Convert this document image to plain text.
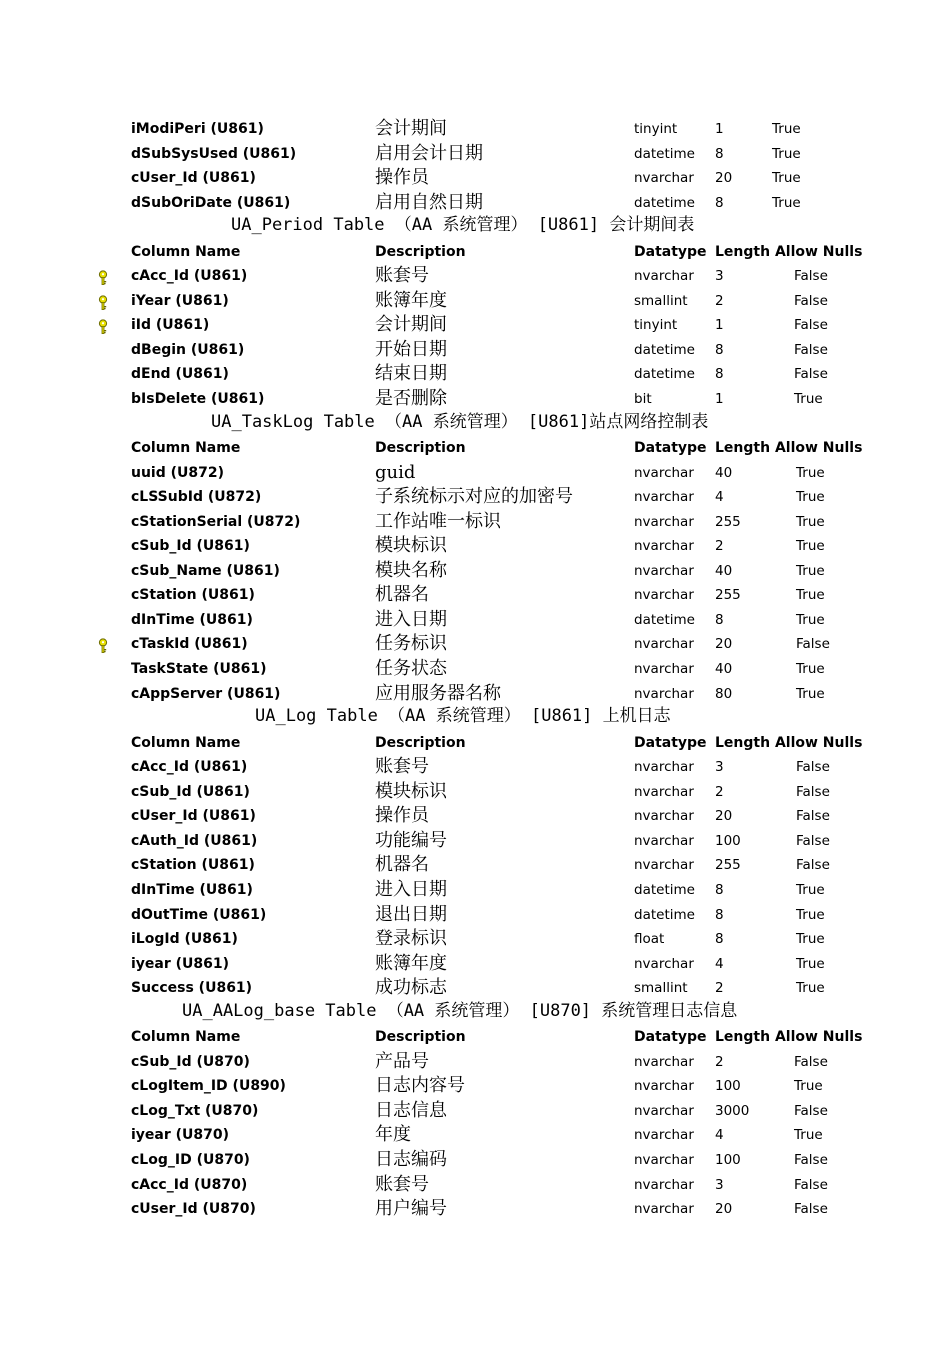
iModiPeri (U861)	会计期间	tinyint	1	True
dSubSysUsed (U861)	启用会计日期	datetime 8	True
cUser_Id (U861)	操作员	nvarchar 20	True
dSubOriDate (U861)	启用自然日期	datetime 8	True
UA_Period Table （AA 系统管理） [U861] 会计期间表
Column Name	Description	Datatype Length Allow Nulls
cAcc_Id (U861)	账套号	nvarchar 3	False
iYear (U861)	账簿年度	smallint 2	False
iId (U861)	会计期间	tinyint	1	False
dBegin (U861)	开始日期	datetime 8	False
dEnd (U861)	结束日期	datetime 8	False
bIsDelete (U861)	是否删除	bit	1	True
UA_TaskLog Table （AA 系统管理） [U861]站点网络控制表
Column Name	Description	Datatype Length Allow Nulls
uuid (U872)	guid	nvarchar 40	True
cLSSubId (U872)	子系统标示对应的加密号	nvarchar 4	True
cStationSerial (U872)	工作站唯一标识	nvarchar 255	True
cSub_Id (U861)	模块标识	nvarchar 2	True
cSub_Name (U861)	模块名称	nvarchar 40	True
cStation (U861)	机器名	nvarchar 255	True
dInTime (U861)	进入日期	datetime 8	True
cTaskId (U861)	任务标识	nvarchar 20	False
TaskState (U861)	任务状态	nvarchar 40	True
cAppServer (U861)	应用服务器名称	nvarchar 80	True
UA_Log Table （AA 系统管理） [U861] 上机日志
Column Name	Description	Datatype Length Allow Nulls
cAcc_Id (U861)	账套号	nvarchar 3	False
cSub_Id (U861)	模块标识	nvarchar 2	False
cUser_Id (U861)	操作员	nvarchar 20	False
cAuth_Id (U861)	功能编号	nvarchar 100	False
cStation (U861)	机器名	nvarchar 255	False
dInTime (U861)	进入日期	datetime 8	True
dOutTime (U861)	退出日期	datetime 8	True
iLogId (U861)	登录标识	float	8	True
iyear (U861)	账簿年度	nvarchar 4	True
Success (U861)	成功标志	smallint 2	True
UA_AALog_base Table （AA 系统管理） [U870] 系统管理日志信息
Column Name	Description	Datatype Length Allow Nulls
cSub_Id (U870)	产品号	nvarchar 2	False
cLogItem_ID (U890)	日志内容号	nvarchar 100	True
cLog_Txt (U870)	日志信息	nvarchar 3000	False
iyear (U870)	年度	nvarchar 4	True
cLog_ID (U870)	日志编码	nvarchar 100	False
cAcc_Id (U870)	账套号	nvarchar 3	False
cUser_Id (U870)	用户编号	nvarchar 20	False
